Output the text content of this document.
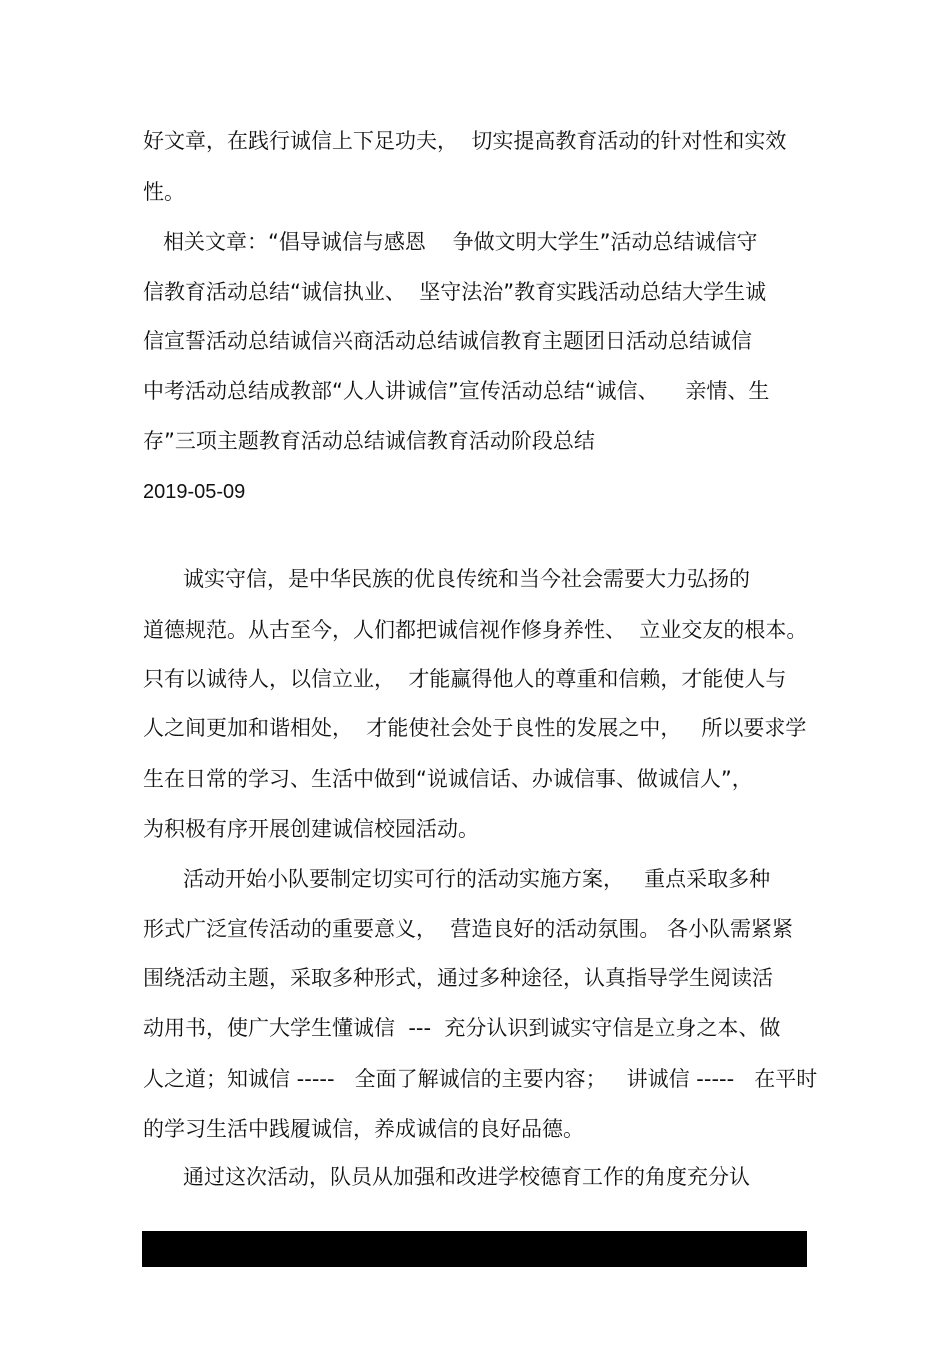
好文章，在践行诚信上下足功夫，  切实提高教育活动的针对性和实效
性。
相关文章：“倡导诚信与感恩    争做文明大学生”活动总结诚信守
信教育活动总结“诚信执业、  坚守法治”教育实践活动总结大学生诚
信宣誓活动总结诚信兴商活动总结诚信教育主题团日活动总结诚信
中考活动总结成教部“人人讲诚信”宣传活动总结“诚信、    亲情、生
存”三项主题教育活动总结诚信教育活动阶段总结
2019-05-09
诚实守信，是中华民族的优良传统和当今社会需要大力弘扬的
道德规范。从古至今，人们都把诚信视作修身养性、  立业交友的根本。
只有以诚待人，以信立业，  才能赢得他人的尊重和信赖，才能使人与
人之间更加和谐相处，  才能使社会处于良性的发展之中，   所以要求学
生在日常的学习、生活中做到“说诚信话、办诚信事、做诚信人”，
为积极有序开展创建诚信校园活动。
活动开始小队要制定切实可行的活动实施方案，   重点采取多种
形式广泛宣传活动的重要意义，  营造良好的活动氛围。 各小队需紧紧
围绕活动主题，采取多种形式，通过多种途径，认真指导学生阅读活
动用书，使广大学生懂诚信  ---  充分认识到诚实守信是立身之本、做
人之道；知诚信 -----   全面了解诚信的主要内容；   讲诚信 -----   在平时
的学习生活中践履诚信，养成诚信的良好品德。
通过这次活动，队员从加强和改进学校德育工作的角度充分认
